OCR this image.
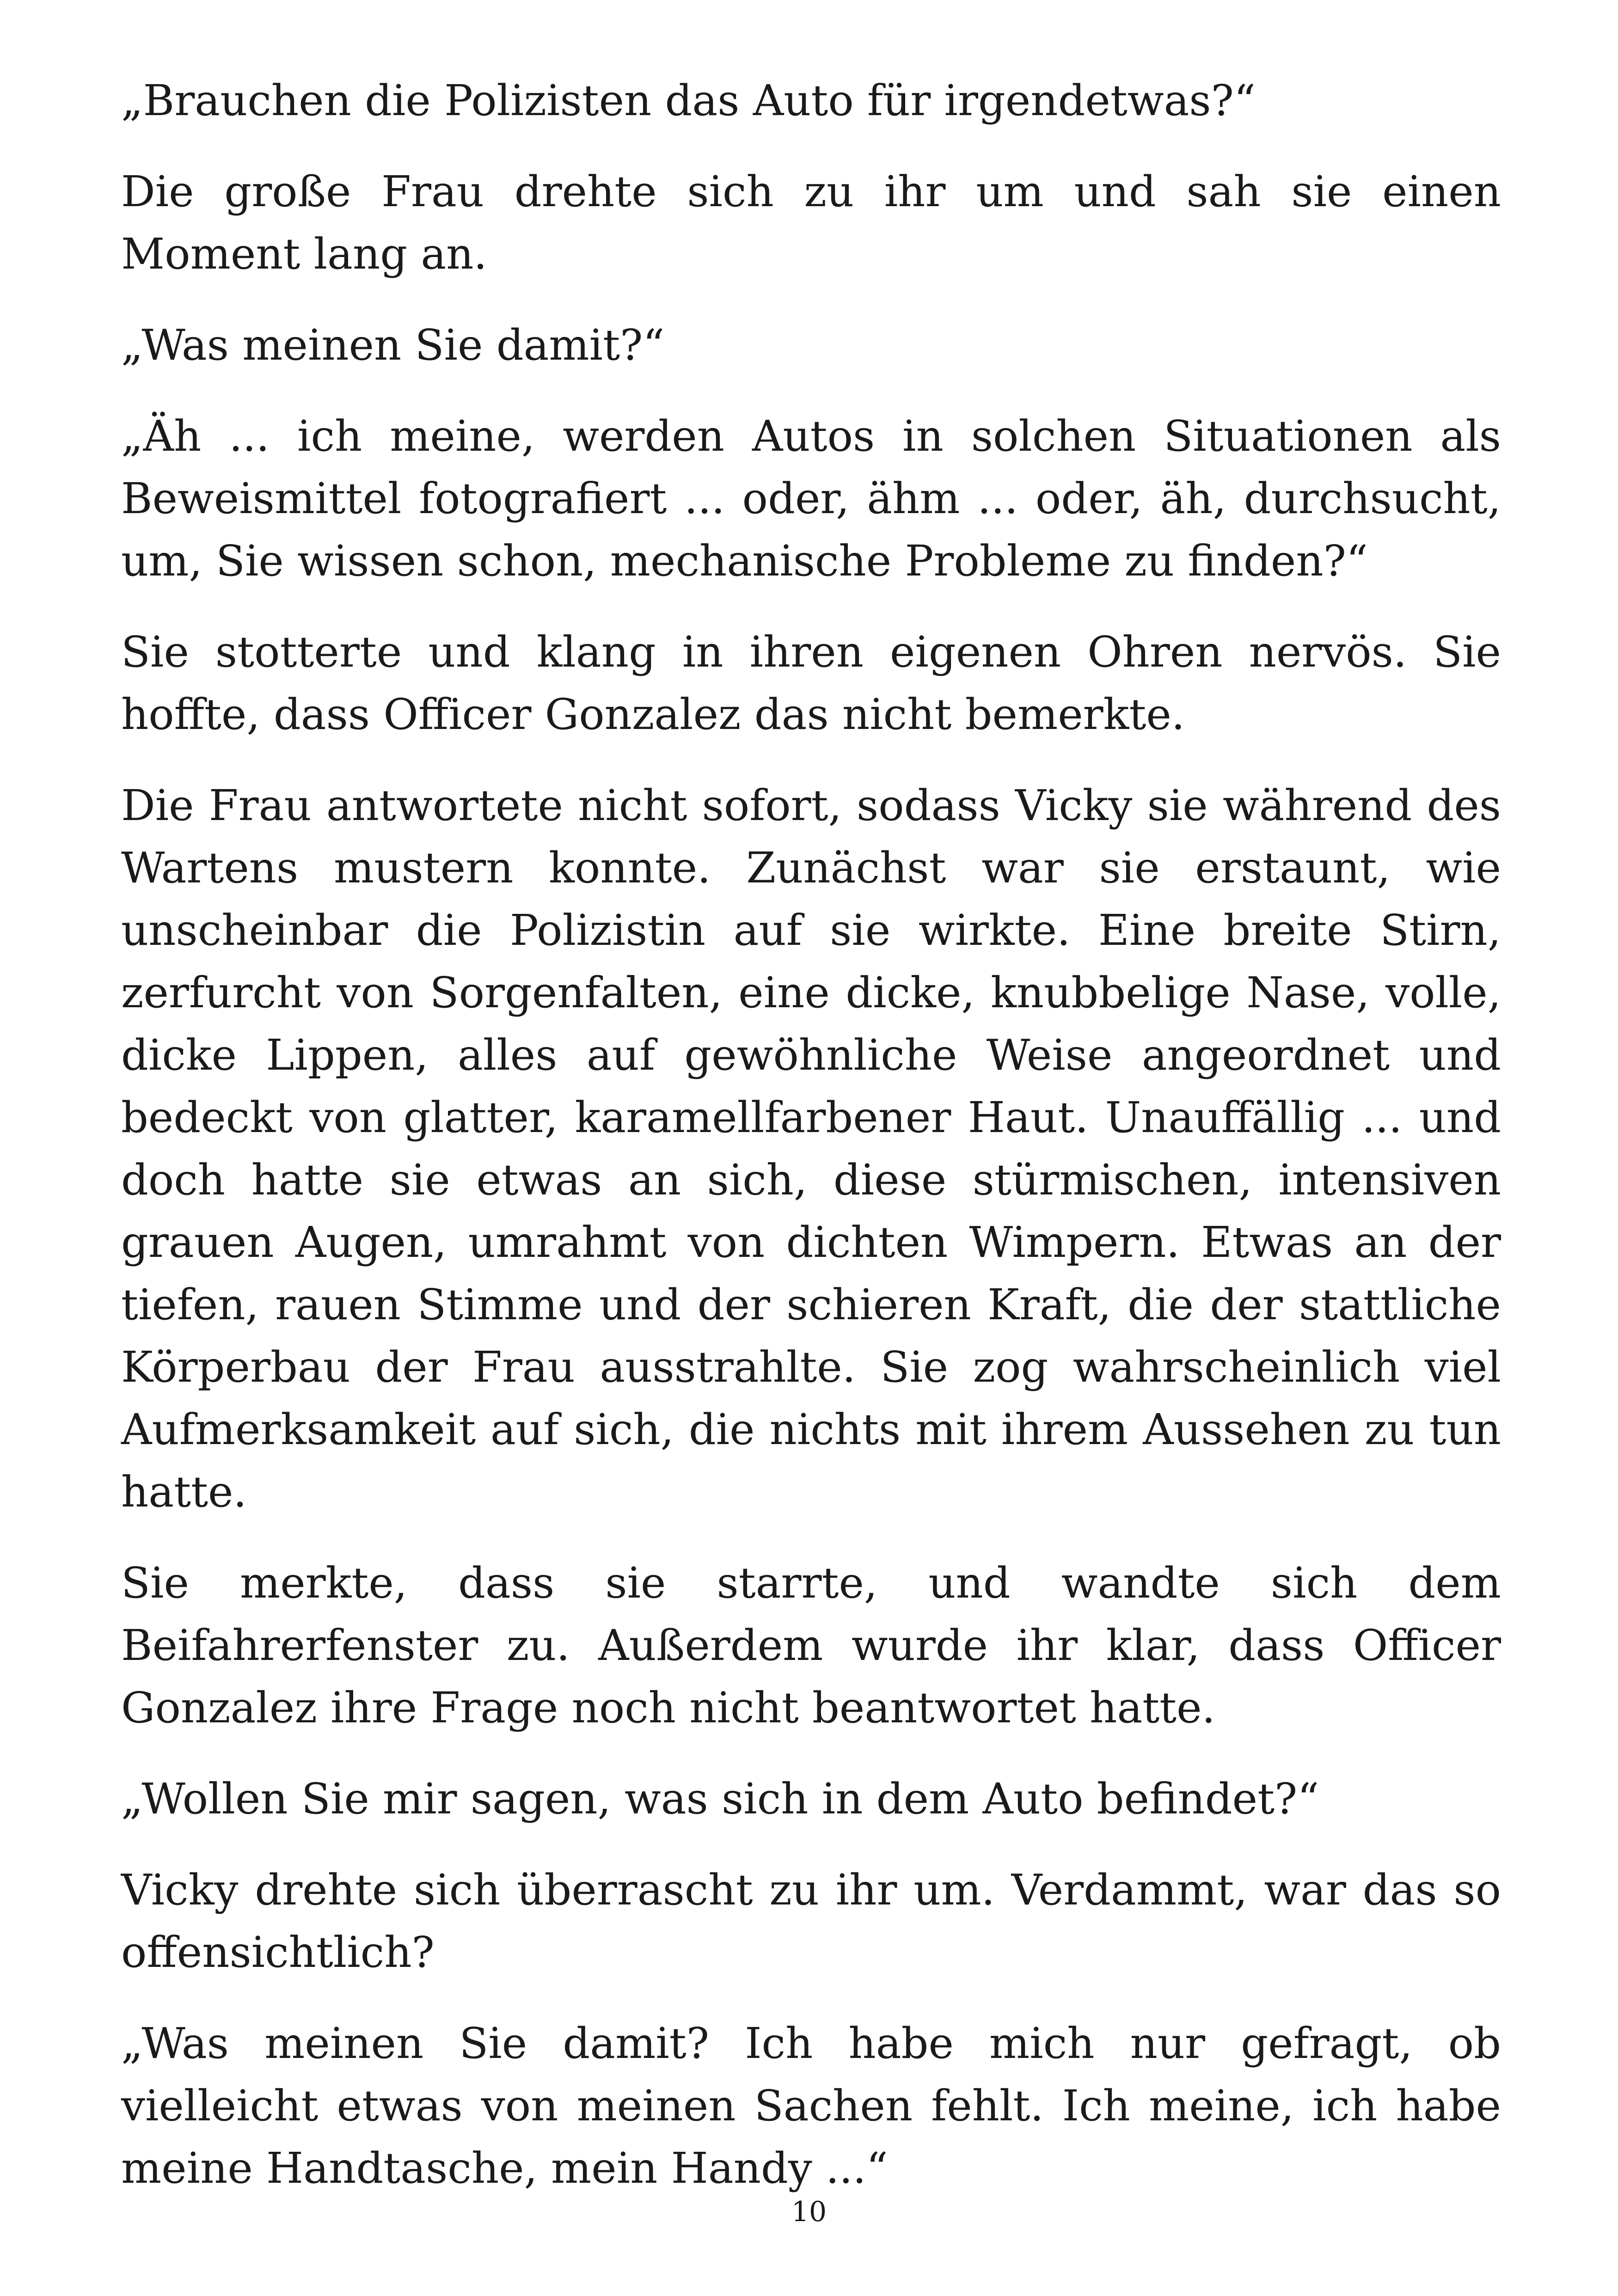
„Brauchen die Polizisten das Auto für irgendetwas?“

Die große Frau drehte sich zu ihr um und sah sie einen Moment lang an.

„Was meinen Sie damit?“

„Äh ... ich meine, werden Autos in solchen Situationen als Beweismittel fotografiert ... oder, ähm ... oder, äh, durchsucht, um, Sie wissen schon, mechanische Probleme zu finden?“

Sie stotterte und klang in ihren eigenen Ohren nervös. Sie hoffte, dass Officer Gonzalez das nicht bemerkte.

Die Frau antwortete nicht sofort, sodass Vicky sie während des Wartens mustern konnte. Zunächst war sie erstaunt, wie unscheinbar die Polizistin auf sie wirkte. Eine breite Stirn, zerfurcht von Sorgenfalten, eine dicke, knubbelige Nase, volle, dicke Lippen, alles auf gewöhnliche Weise angeordnet und bedeckt von glatter, karamellfarbener Haut. Unauffällig ... und doch hatte sie etwas an sich, diese stürmischen, intensiven grauen Augen, umrahmt von dichten Wimpern. Etwas an der tiefen, rauen Stimme und der schieren Kraft, die der stattliche Körperbau der Frau ausstrahlte. Sie zog wahrscheinlich viel Aufmerksamkeit auf sich, die nichts mit ihrem Aussehen zu tun hatte.

Sie merkte, dass sie starrte, und wandte sich dem Beifahrerfenster zu. Außerdem wurde ihr klar, dass Officer Gonzalez ihre Frage noch nicht beantwortet hatte.

„Wollen Sie mir sagen, was sich in dem Auto befindet?“

Vicky drehte sich überrascht zu ihr um. Verdammt, war das so offensichtlich?

„Was meinen Sie damit? Ich habe mich nur gefragt, ob vielleicht etwas von meinen Sachen fehlt. Ich meine, ich habe meine Handtasche, mein Handy ...“

10
